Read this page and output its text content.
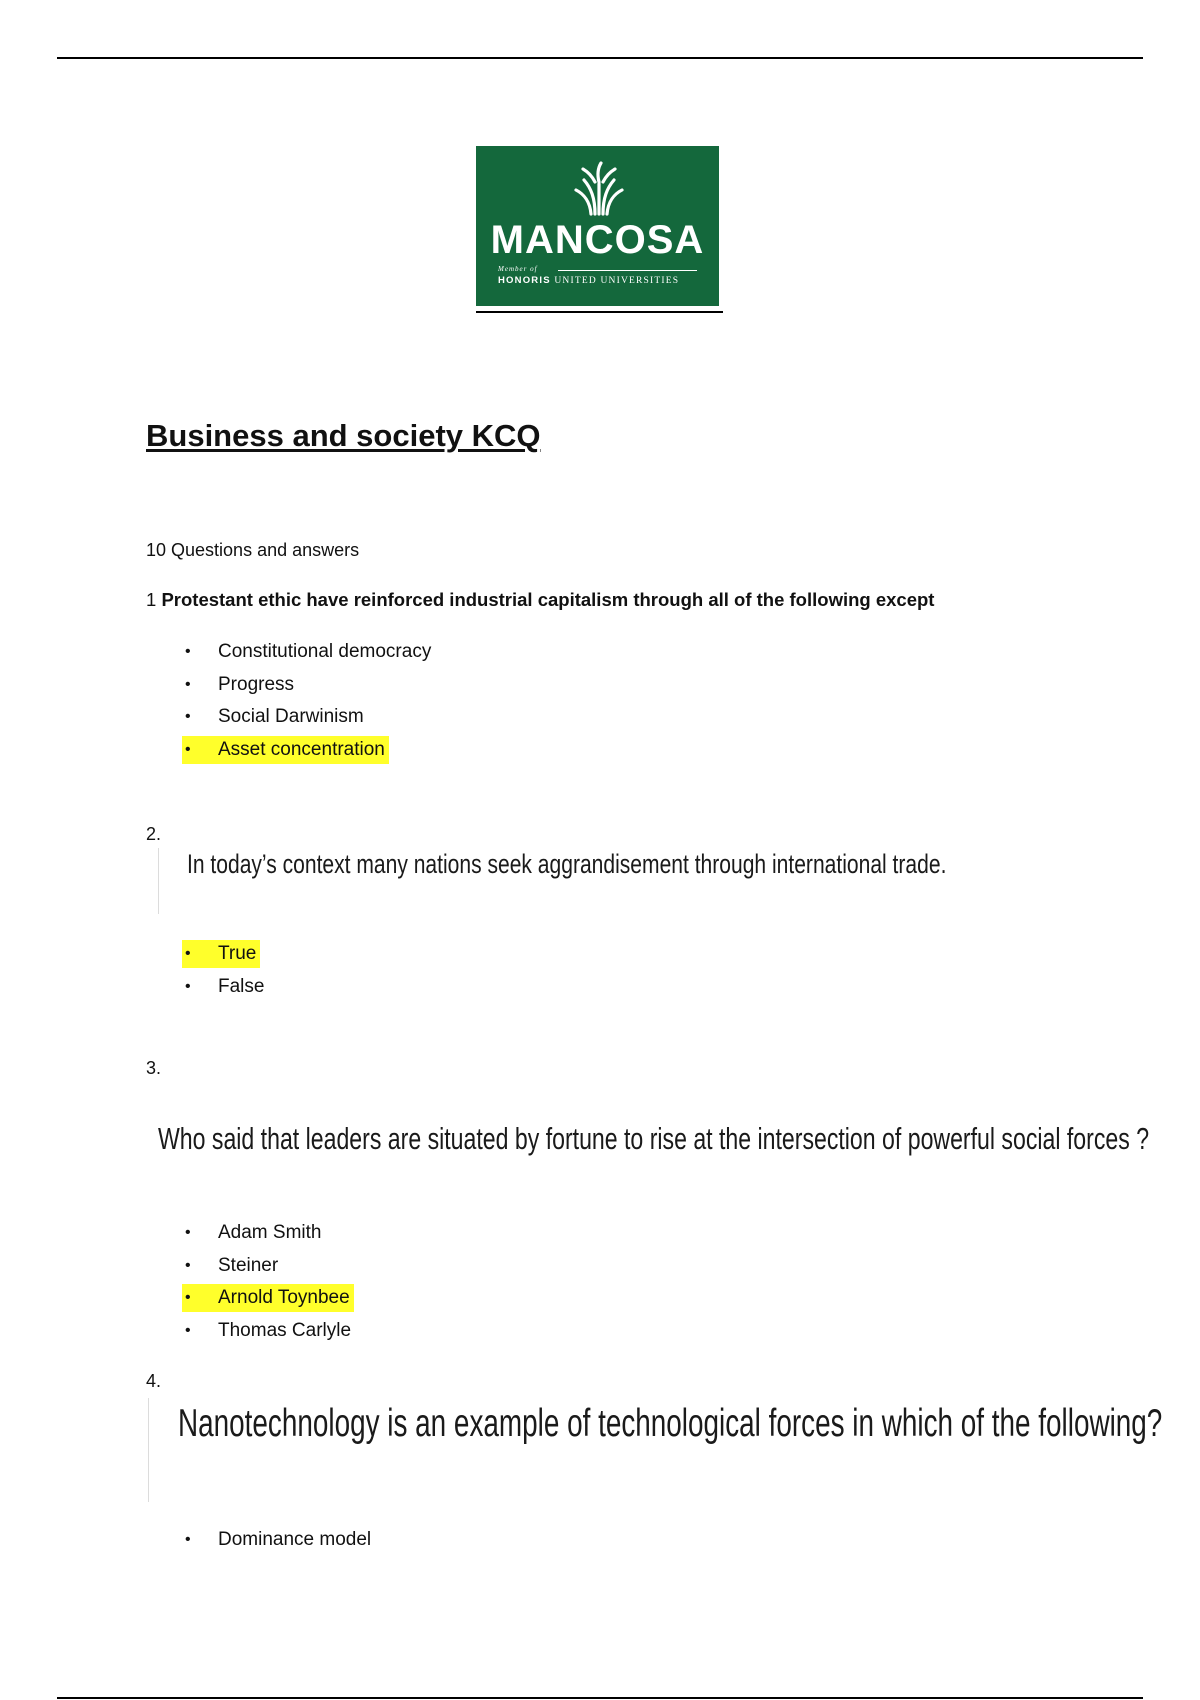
MANCOSA
Member of
HONORIS UNITED UNIVERSITIES
Business and society KCQ
10 Questions and answers
1 Protestant ethic have reinforced industrial capitalism through all of the following except
•	Constitutional democracy
•	Progress
•	Social Darwinism
•	Asset concentration
2.
In today’s context many nations seek aggrandisement through international trade.
•	True
•	False
3.
Who said that leaders are situated by fortune to rise at the intersection of powerful social forces ?
•	Adam Smith
•	Steiner
•	Arnold Toynbee
•	Thomas Carlyle
4.
Nanotechnology is an example of technological forces in which of the following?
•	Dominance model
